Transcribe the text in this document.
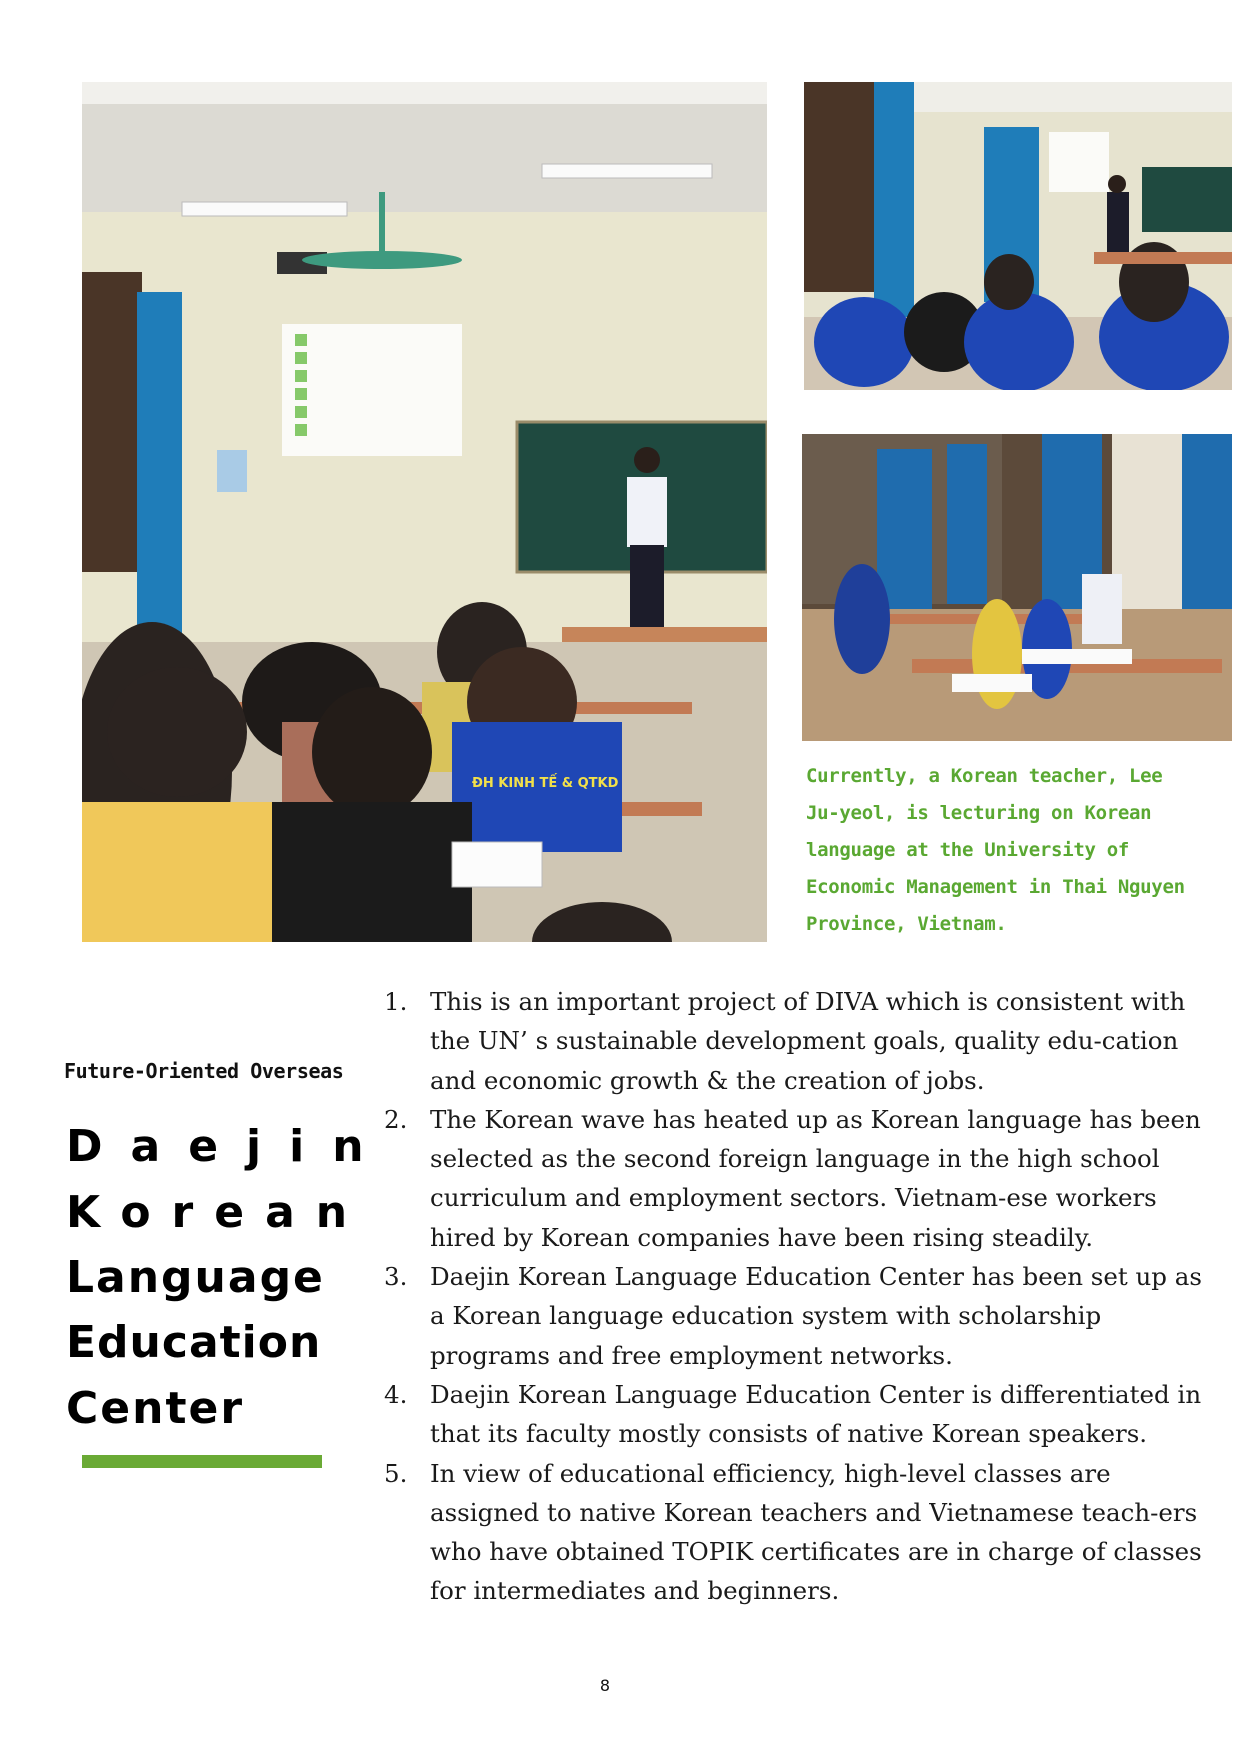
ĐH KINH TẾ & QTKD	Currently, a Korean teacher, Lee Ju-yeol, is lecturing on Korean language at the University of Economic Management in Thai Nguyen Province, Vietnam.
Future-Oriented Overseas
Daejin
Korean
Language
Education
Center
1. This is an important project of DIVA which is consistent with the UN’ s sustainable development goals, quality edu-cation and economic growth & the creation of jobs.
2. The Korean wave has heated up as Korean language has been selected as the second foreign language in the high school curriculum and employment sectors. Vietnam-ese workers hired by Korean companies have been rising steadily.
3. Daejin Korean Language Education Center has been set up as a Korean language education system with scholarship programs and free employment networks.
4. Daejin Korean Language Education Center is differentiated in that its faculty mostly consists of native Korean speakers.
5. In view of educational efficiency, high-level classes are assigned to native Korean teachers and Vietnamese teach-ers who have obtained TOPIK certificates are in charge of classes for intermediates and beginners.
8
